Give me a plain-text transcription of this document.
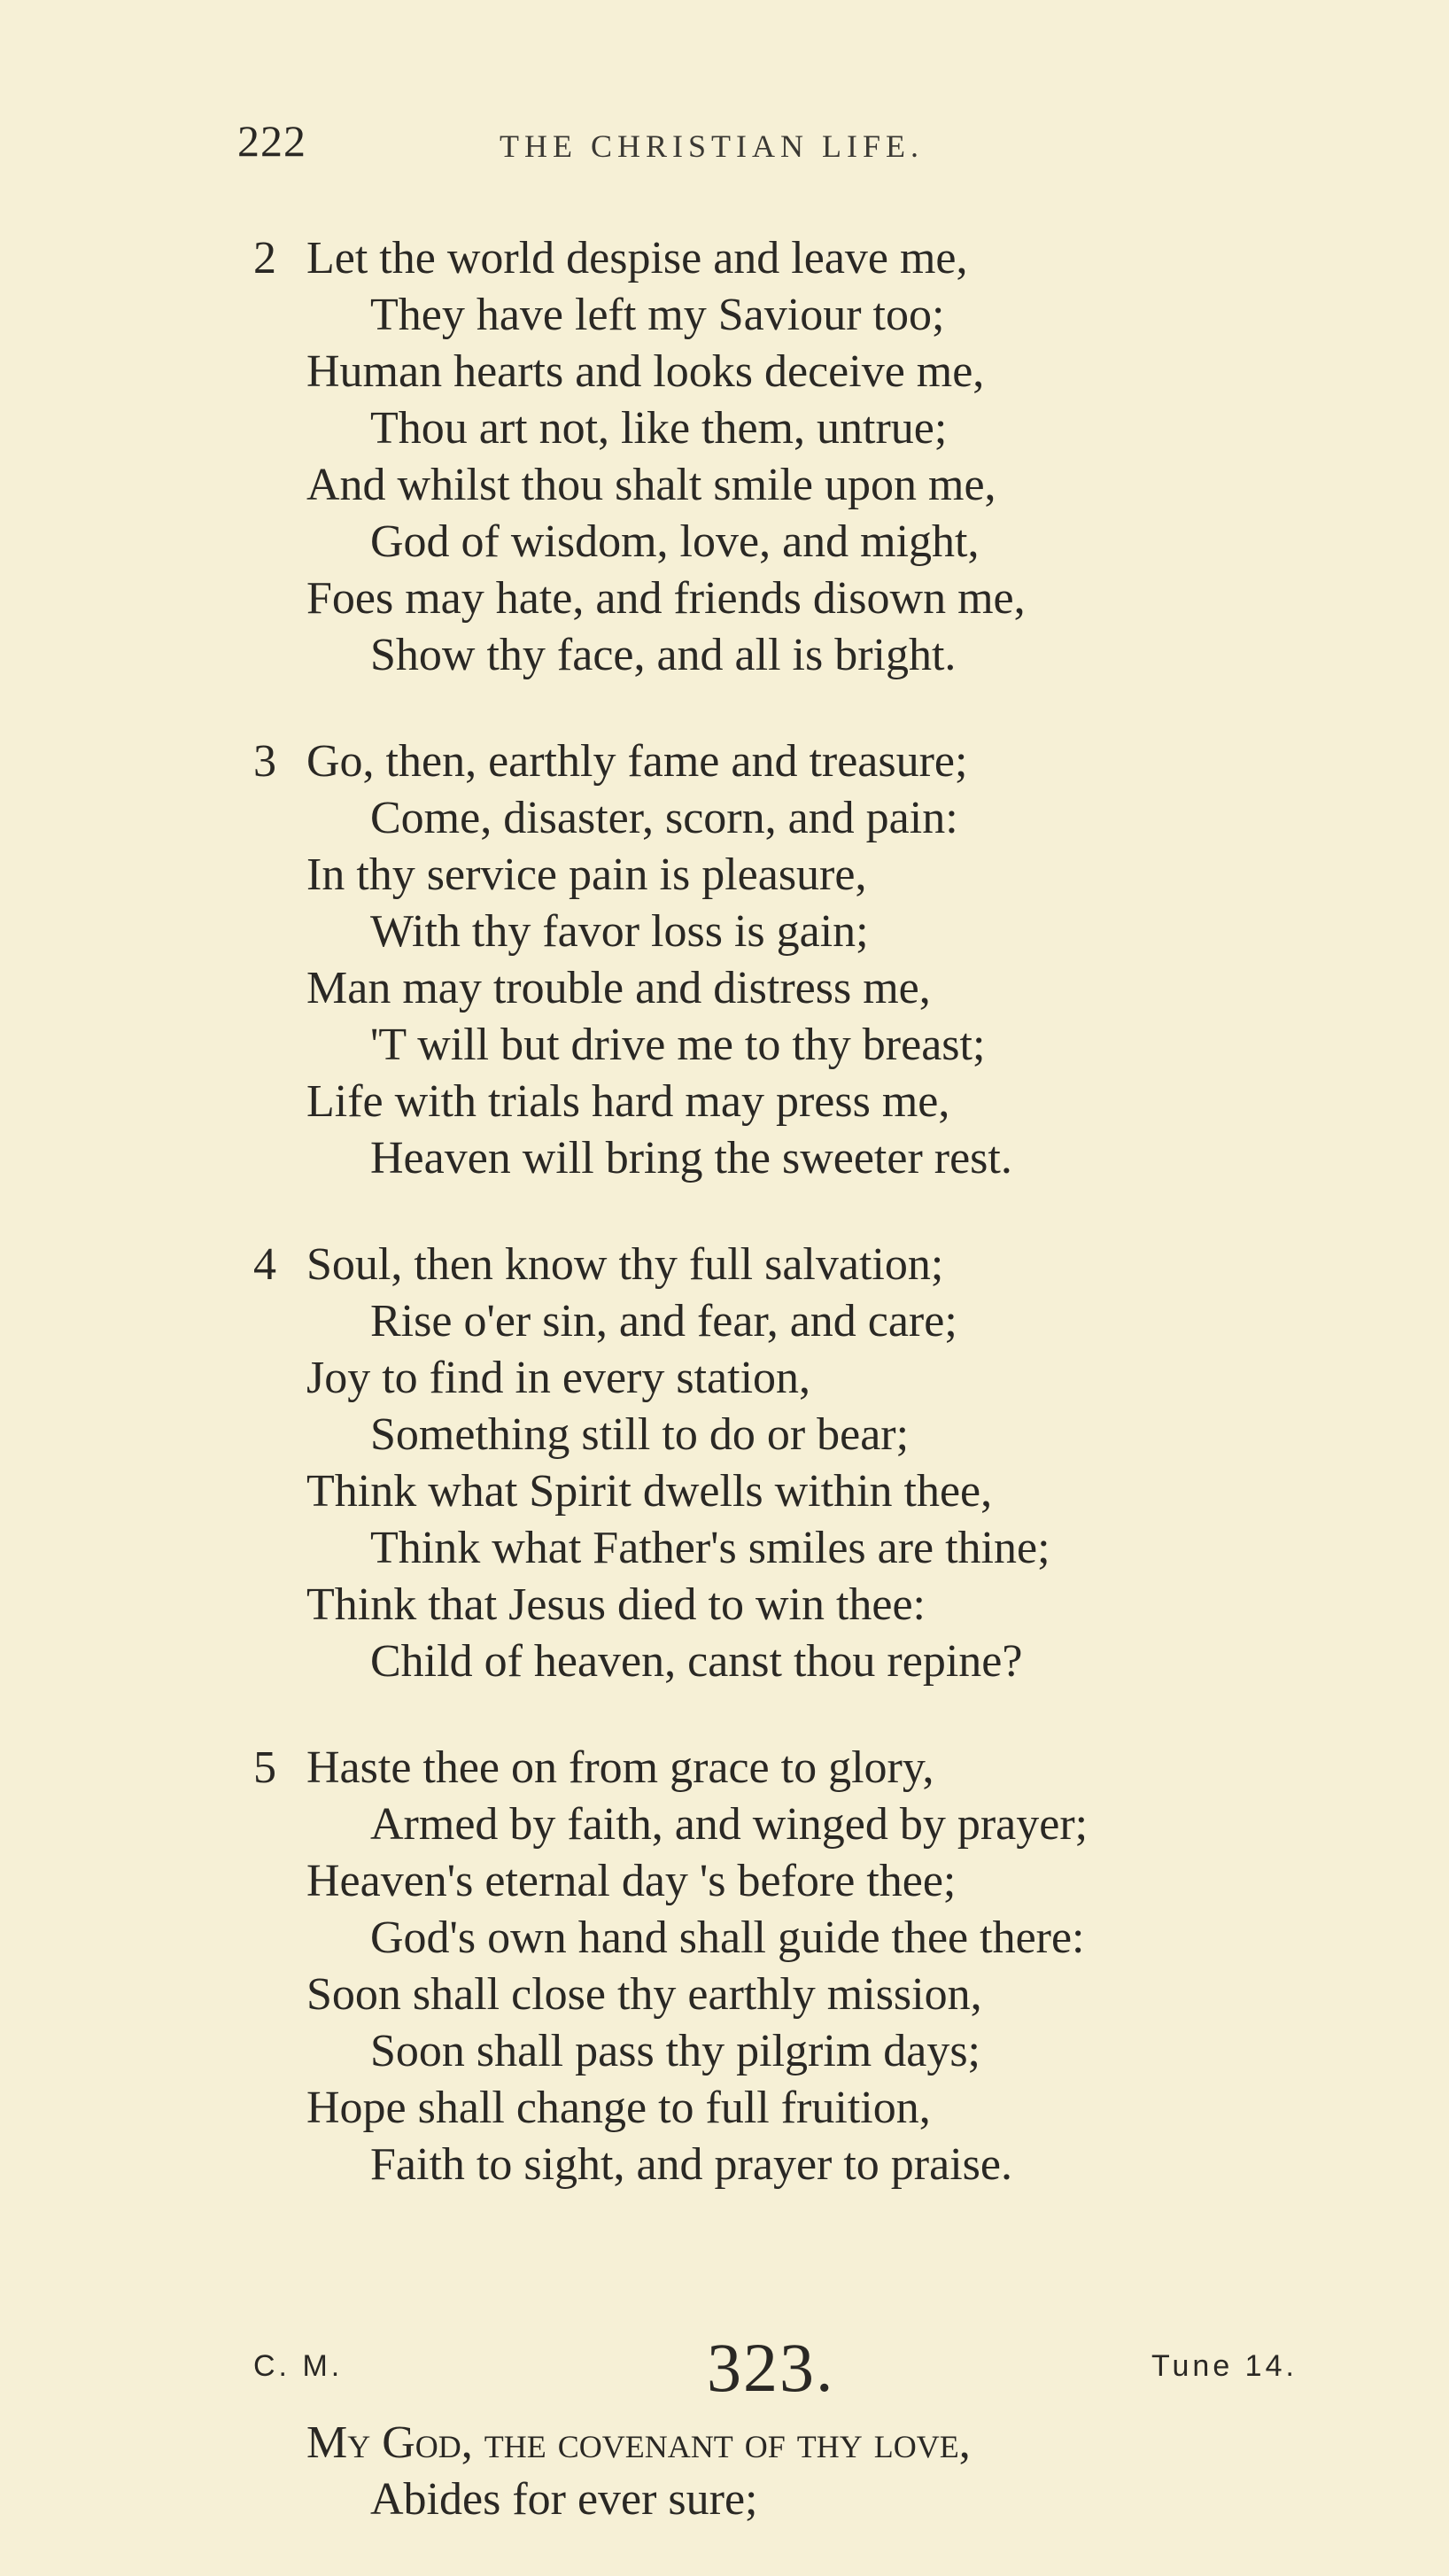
222	THE CHRISTIAN LIFE.
2 Let the world despise and leave me,
They have left my Saviour too;
Human hearts and looks deceive me,
Thou art not, like them, untrue;
And whilst thou shalt smile upon me,
God of wisdom, love, and might,
Foes may hate, and friends disown me,
Show thy face, and all is bright.
3 Go, then, earthly fame and treasure;
Come, disaster, scorn, and pain:
In thy service pain is pleasure,
With thy favor loss is gain;
Man may trouble and distress me,
'T will but drive me to thy breast;
Life with trials hard may press me,
Heaven will bring the sweeter rest.
4 Soul, then know thy full salvation;
Rise o'er sin, and fear, and care;
Joy to find in every station,
Something still to do or bear;
Think what Spirit dwells within thee,
Think what Father's smiles are thine;
Think that Jesus died to win thee:
Child of heaven, canst thou repine?
5 Haste thee on from grace to glory,
Armed by faith, and winged by prayer;
Heaven's eternal day 's before thee;
God's own hand shall guide thee there:
Soon shall close thy earthly mission,
Soon shall pass thy pilgrim days;
Hope shall change to full fruition,
Faith to sight, and prayer to praise.
C. M.	323.	Tune 14.
My God, the covenant of thy love,
Abides for ever sure;
